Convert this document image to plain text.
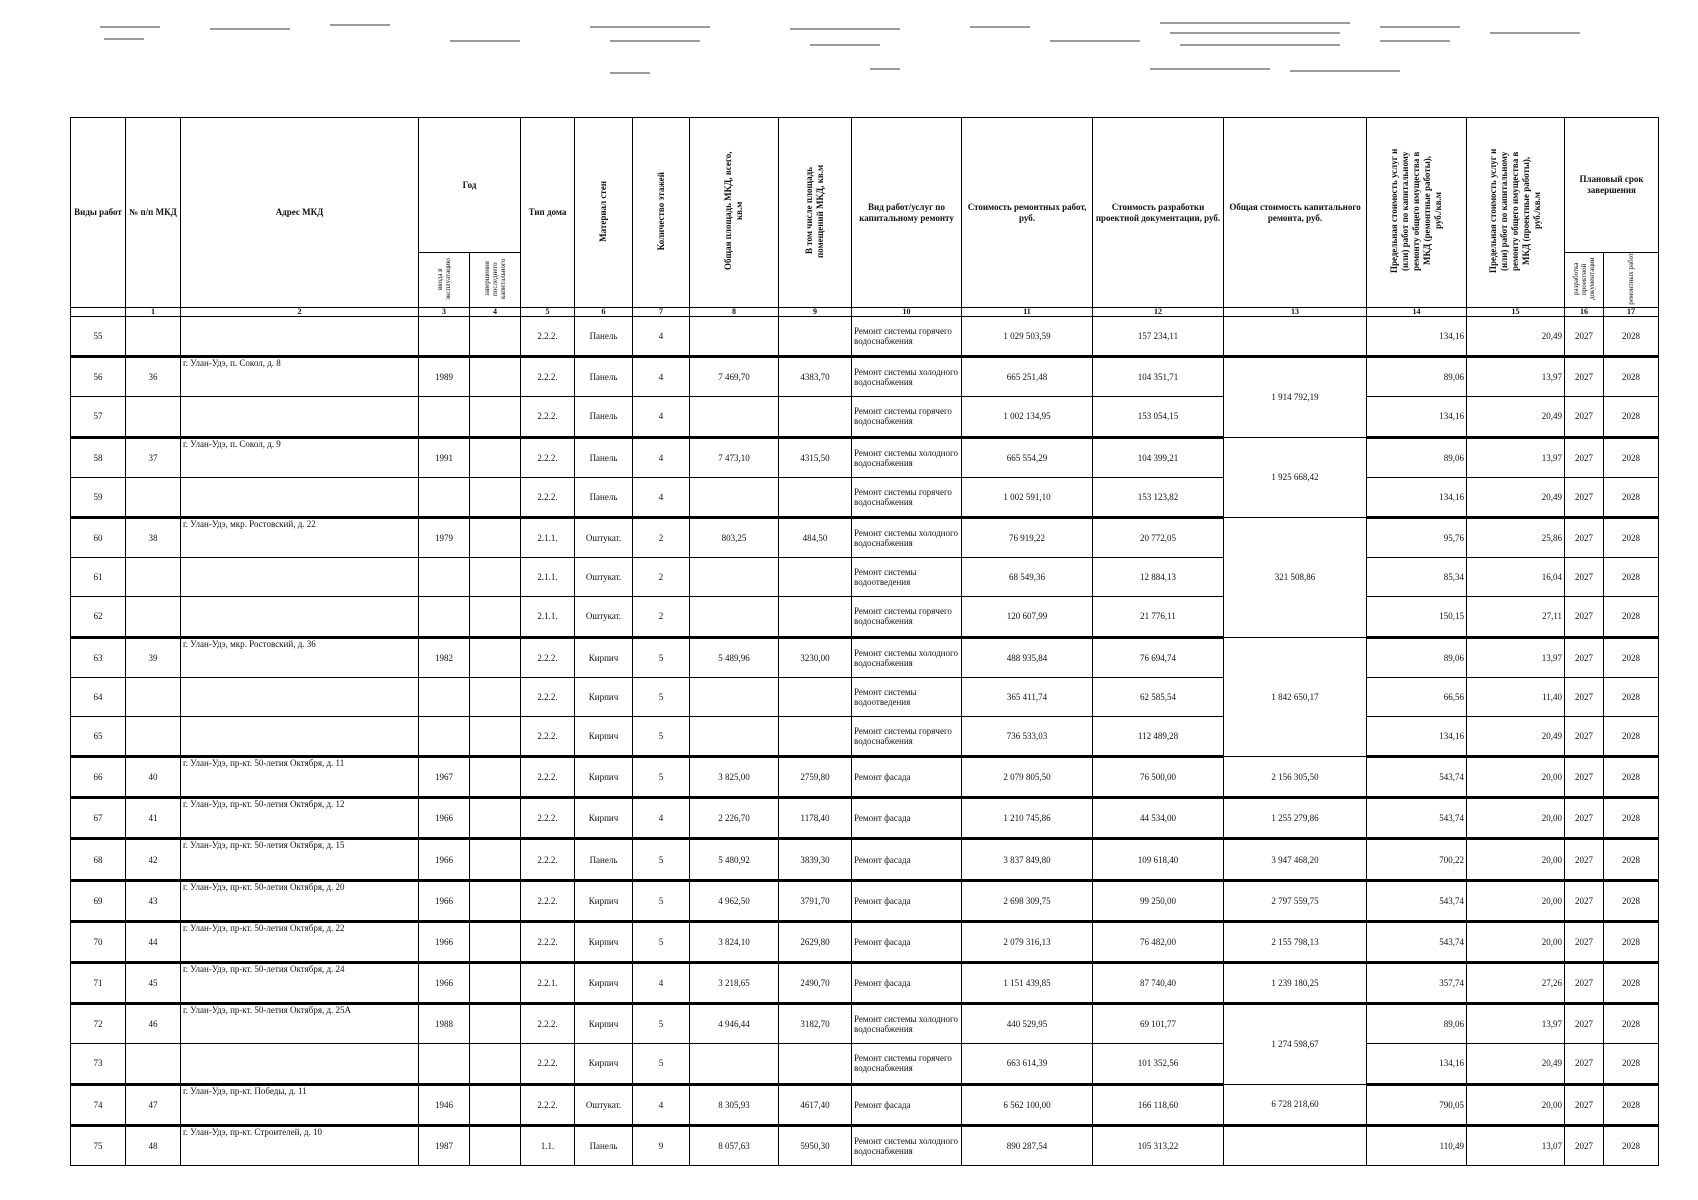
Виды работ	№ п/п МКД	Адрес МКД	Год		Тип дома	Материал стен	Количество этажей	Общая площадь МКД, всего, кв.м	В том числе площадь помещений МКД, кв.м	Вид работ/услуг по капитальному ремонту	Стоимость ремонтных работ, руб.	Стоимость разработки проектной документации, руб.	Общая стоимость капитального ремонта, руб.	Предельная стоимость услуг и (или) работ по капитальному ремонту общего имущества в МКД (ремонтные работы), руб./кв.м	Предельная стоимость услуг и (или) работ по капитальному ремонту общего имущества в МКД (проектные работы), руб./кв.м	Плановый срок завершения	
			ввода в эксплуатацию	завершения последнего капитального												разработка проектной документации	ремонтных работ
	1	2	3	4	5	6	7	8	9	10	11	12	13	14	15	16	17
55					2.2.2.	Панель	4			Ремонт системы горячего водоснабжения	1 029 503,59	157 234,11		134,16	20,49	2027	2028
56	36	г. Улан-Удэ, п. Сокол, д. 8	1989		2.2.2.	Панель	4	7 469,70	4383,70	Ремонт системы холодного водоснабжения	665 251,48	104 351,71	1 914 792,19	89,06	13,97	2027	2028
57					2.2.2.	Панель	4			Ремонт системы горячего водоснабжения	1 002 134,95	153 054,15		134,16	20,49	2027	2028
58	37	г. Улан-Удэ, п. Сокол, д. 9	1991		2.2.2.	Панель	4	7 473,10	4315,50	Ремонт системы холодного водоснабжения	665 554,29	104 399,21	1 925 668,42	89,06	13,97	2027	2028
59					2.2.2.	Панель	4			Ремонт системы горячего водоснабжения	1 002 591,10	153 123,82		134,16	20,49	2027	2028
60	38	г. Улан-Удэ, мкр. Ростовский, д. 22	1979		2.1.1.	Оштукат.	2	803,25	484,50	Ремонт системы холодного водоснабжения	76 919,22	20 772,05	321 508,86	95,76	25,86	2027	2028
61					2.1.1.	Оштукат.	2			Ремонт системы водоотведения	68 549,36	12 884,13		85,34	16,04	2027	2028
62					2.1.1.	Оштукат.	2			Ремонт системы горячего водоснабжения	120 607,99	21 776,11		150,15	27,11	2027	2028
63	39	г. Улан-Удэ, мкр. Ростовский, д. 36	1982		2.2.2.	Кирпич	5	5 489,96	3230,00	Ремонт системы холодного водоснабжения	488 935,84	76 694,74	1 842 650,17	89,06	13,97	2027	2028
64					2.2.2.	Кирпич	5			Ремонт системы водоотведения	365 411,74	62 585,54		66,56	11,40	2027	2028
65					2.2.2.	Кирпич	5			Ремонт системы горячего водоснабжения	736 533,03	112 489,28		134,16	20,49	2027	2028
66	40	г. Улан-Удэ, пр-кт. 50-летия Октября, д. 11	1967		2.2.2.	Кирпич	5	3 825,00	2759,80	Ремонт фасада	2 079 805,50	76 500,00	2 156 305,50	543,74	20,00	2027	2028
67	41	г. Улан-Удэ, пр-кт. 50-летия Октября, д. 12	1966		2.2.2.	Кирпич	4	2 226,70	1178,40	Ремонт фасада	1 210 745,86	44 534,00	1 255 279,86	543,74	20,00	2027	2028
68	42	г. Улан-Удэ, пр-кт. 50-летия Октября, д. 15	1966		2.2.2.	Панель	5	5 480,92	3839,30	Ремонт фасада	3 837 849,80	109 618,40	3 947 468,20	700,22	20,00	2027	2028
69	43	г. Улан-Удэ, пр-кт. 50-летия Октября, д. 20	1966		2.2.2.	Кирпич	5	4 962,50	3791,70	Ремонт фасада	2 698 309,75	99 250,00	2 797 559,75	543,74	20,00	2027	2028
70	44	г. Улан-Удэ, пр-кт. 50-летия Октября, д. 22	1966		2.2.2.	Кирпич	5	3 824,10	2629,80	Ремонт фасада	2 079 316,13	76 482,00	2 155 798,13	543,74	20,00	2027	2028
71	45	г. Улан-Удэ, пр-кт. 50-летия Октября, д. 24	1966		2.2.1.	Кирпич	4	3 218,65	2490,70	Ремонт фасада	1 151 439,85	87 740,40	1 239 180,25	357,74	27,26	2027	2028
72	46	г. Улан-Удэ, пр-кт. 50-летия Октября, д. 25А	1988		2.2.2.	Кирпич	5	4 946,44	3182,70	Ремонт системы холодного водоснабжения	440 529,95	69 101,77	1 274 598,67	89,06	13,97	2027	2028
73					2.2.2.	Кирпич	5			Ремонт системы горячего водоснабжения	663 614,39	101 352,56		134,16	20,49	2027	2028
74	47	г. Улан-Удэ, пр-кт. Победы, д. 11	1946		2.2.2.	Оштукат.	4	8 305,93	4617,40	Ремонт фасада	6 562 100,00	166 118,60	6 728 218,60	790,05	20,00	2027	2028
75	48	г. Улан-Удэ, пр-кт. Строителей, д. 10	1987		1.1.	Панель	9	8 057,63	5950,30	Ремонт системы холодного водоснабжения	890 287,54	105 313,22		110,49	13,07	2027	2028
